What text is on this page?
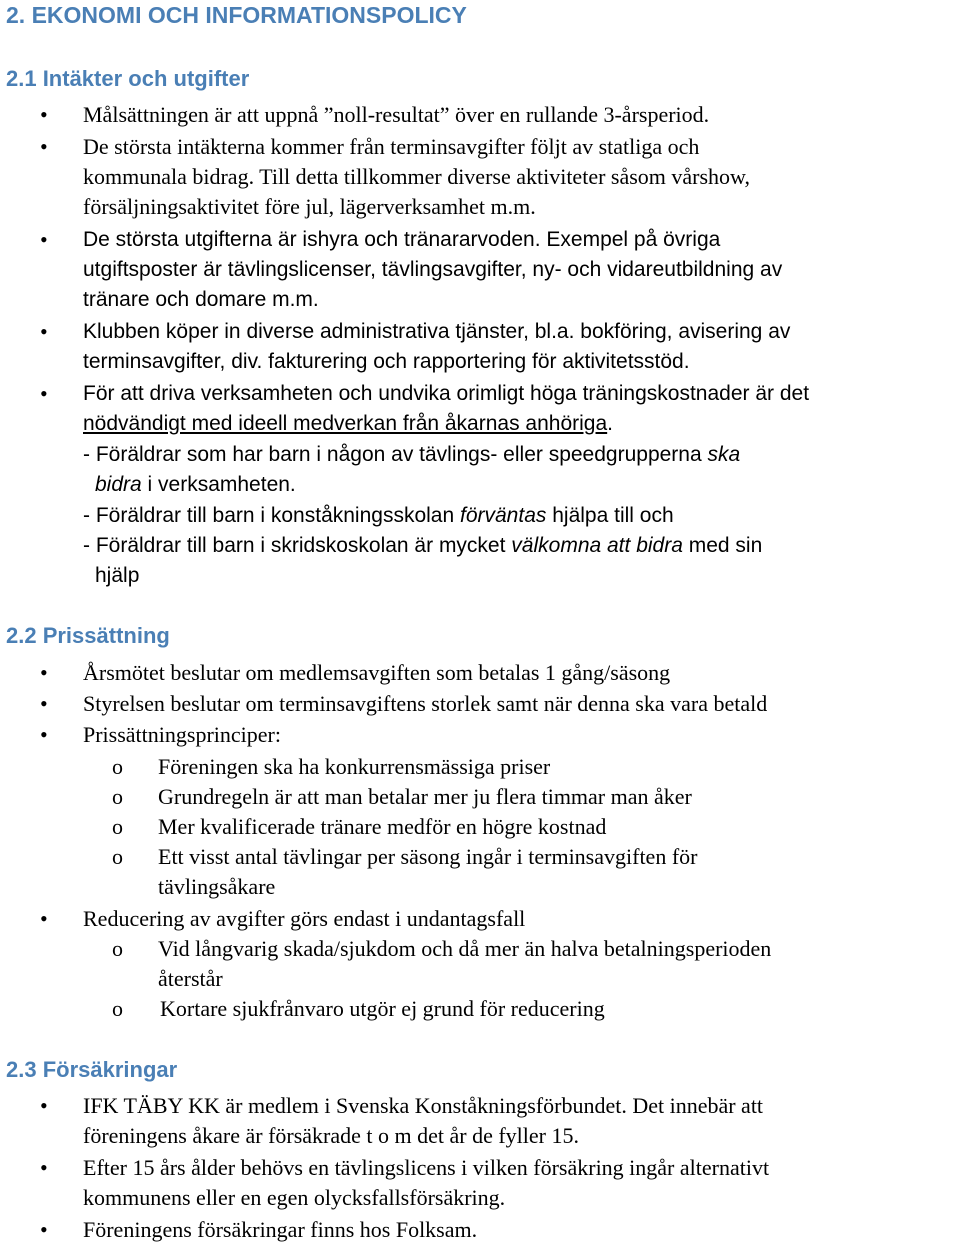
2. EKONOMI OCH INFORMATIONSPOLICY
2.1 Intäkter och utgifter
• Målsättningen är att uppnå ”noll-resultat” över en rullande 3-årsperiod.
• De största intäkterna kommer från terminsavgifter följt av statliga och
kommunala bidrag. Till detta tillkommer diverse aktiviteter såsom vårshow,
försäljningsaktivitet före jul, lägerverksamhet m.m.
• De största utgifterna är ishyra och tränararvoden. Exempel på övriga
utgiftsposter är tävlingslicenser, tävlingsavgifter, ny- och vidareutbildning av
tränare och domare m.m.
• Klubben köper in diverse administrativa tjänster, bl.a. bokföring, avisering av
terminsavgifter, div. fakturering och rapportering för aktivitetsstöd.
• För att driva verksamheten och undvika orimligt höga träningskostnader är det
nödvändigt med ideell medverkan från åkarnas anhöriga.
- Föräldrar som har barn i någon av tävlings- eller speedgrupperna ska
bidra i verksamheten.
- Föräldrar till barn i konståkningsskolan förväntas hjälpa till och
- Föräldrar till barn i skridskoskolan är mycket välkomna att bidra med sin
hjälp
2.2 Prissättning
• Årsmötet beslutar om medlemsavgiften som betalas 1 gång/säsong
• Styrelsen beslutar om terminsavgiftens storlek samt när denna ska vara betald
• Prissättningsprinciper:
o Föreningen ska ha konkurrensmässiga priser
o Grundregeln är att man betalar mer ju flera timmar man åker
o Mer kvalificerade tränare medför en högre kostnad
o Ett visst antal tävlingar per säsong ingår i terminsavgiften för
tävlingsåkare
• Reducering av avgifter görs endast i undantagsfall
o Vid långvarig skada/sjukdom och då mer än halva betalningsperioden
återstår
o Kortare sjukfrånvaro utgör ej grund för reducering
2.3 Försäkringar
• IFK TÄBY KK är medlem i Svenska Konståkningsförbundet. Det innebär att
föreningens åkare är försäkrade t o m det år de fyller 15.
• Efter 15 års ålder behövs en tävlingslicens i vilken försäkring ingår alternativt
kommunens eller en egen olycksfallsförsäkring.
• Föreningens försäkringar finns hos Folksam.
